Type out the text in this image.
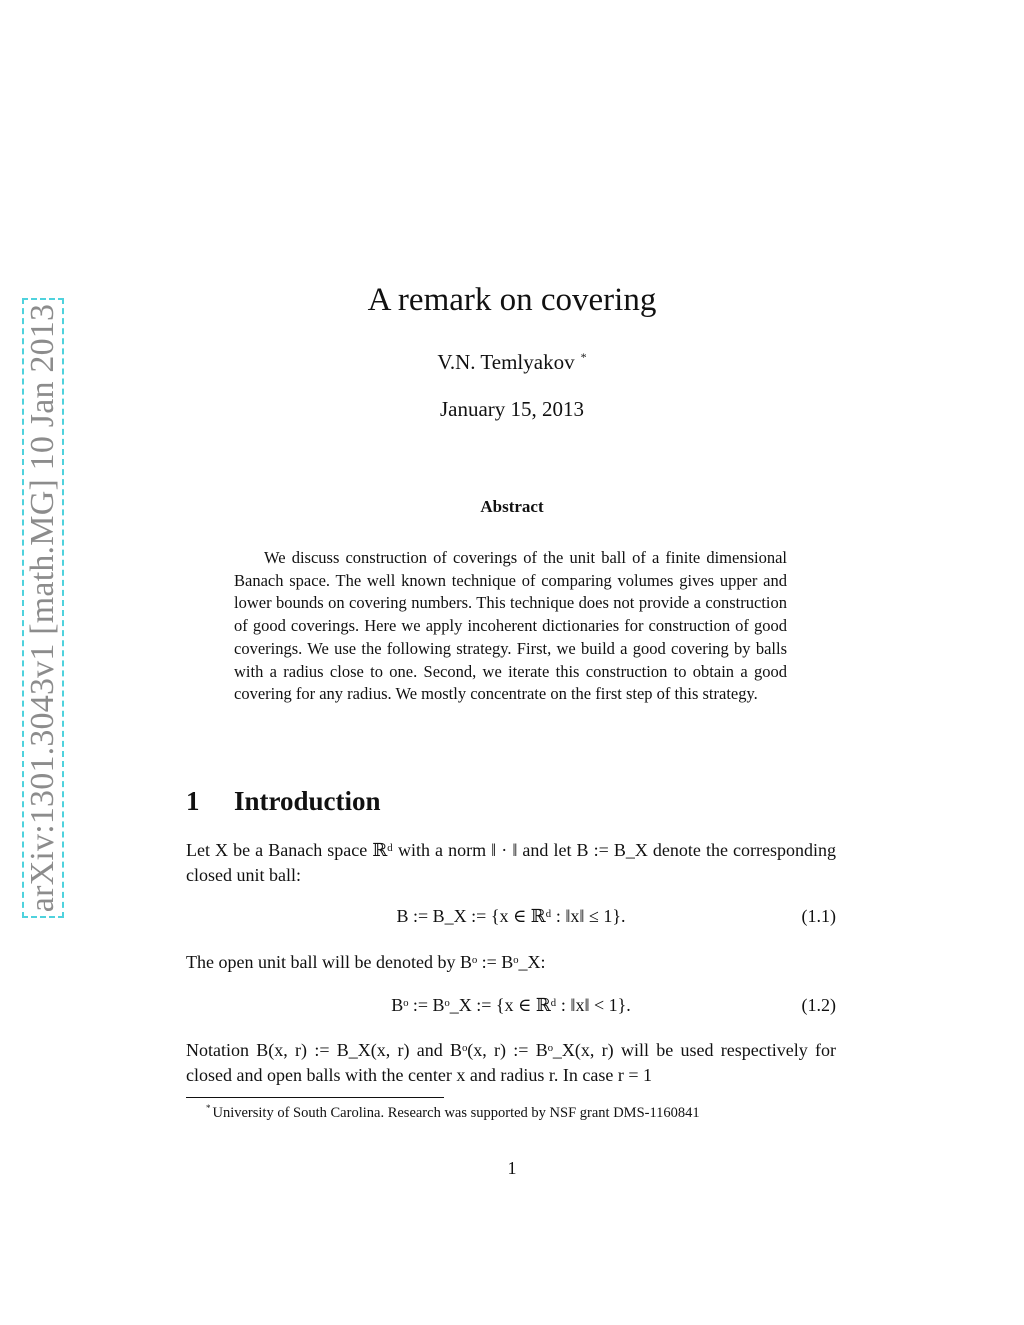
arXiv:1301.3043v1 [math.MG] 10 Jan 2013
A remark on covering
V.N. Temlyakov *
January 15, 2013
Abstract
We discuss construction of coverings of the unit ball of a finite dimensional Banach space. The well known technique of comparing volumes gives upper and lower bounds on covering numbers. This technique does not provide a construction of good coverings. Here we apply incoherent dictionaries for construction of good coverings. We use the following strategy. First, we build a good covering by balls with a radius close to one. Second, we iterate this construction to obtain a good covering for any radius. We mostly concentrate on the first step of this strategy.
1 Introduction
Let X be a Banach space ℝᵈ with a norm ‖ · ‖ and let B := B_X denote the corresponding closed unit ball:
B := B_X := {x ∈ ℝᵈ : ‖x‖ ≤ 1}.	(1.1)
The open unit ball will be denoted by Bᵒ := Bᵒ_X:
Bᵒ := Bᵒ_X := {x ∈ ℝᵈ : ‖x‖ < 1}.	(1.2)
Notation B(x, r) := B_X(x, r) and Bᵒ(x, r) := Bᵒ_X(x, r) will be used respectively for closed and open balls with the center x and radius r. In case r = 1
* University of South Carolina. Research was supported by NSF grant DMS-1160841
1
